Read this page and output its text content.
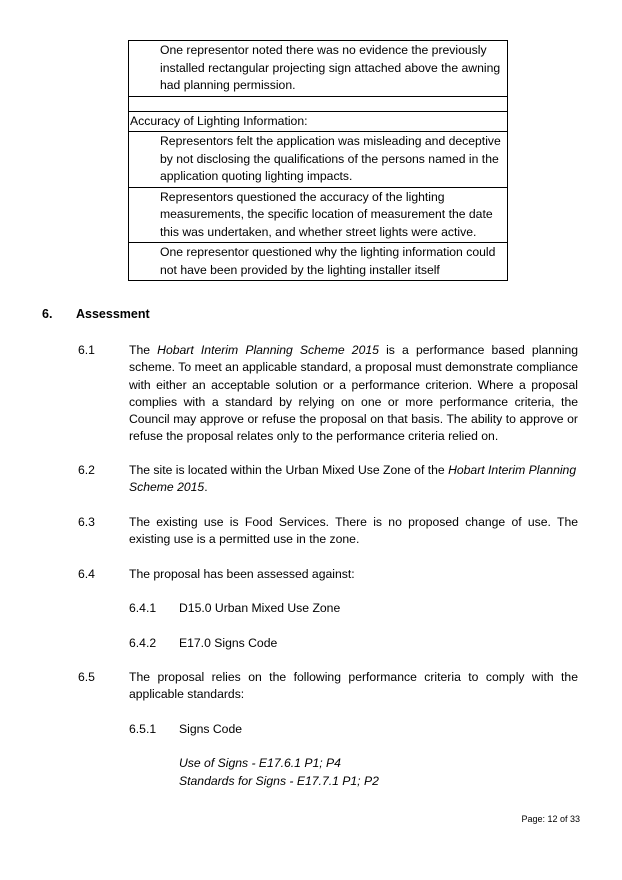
One representor noted there was no evidence the previously installed rectangular projecting sign attached above the awning had planning permission.

Accuracy of Lighting Information:
Representors felt the application was misleading and deceptive by not disclosing the qualifications of the persons named in the application quoting lighting impacts.
Representors questioned the accuracy of the lighting measurements, the specific location of measurement the date this was undertaken, and whether street lights were active.
One representor questioned why the lighting information could not have been provided by the lighting installer itself
6. Assessment
6.1	The Hobart Interim Planning Scheme 2015 is a performance based planning scheme. To meet an applicable standard, a proposal must demonstrate compliance with either an acceptable solution or a performance criterion. Where a proposal complies with a standard by relying on one or more performance criteria, the Council may approve or refuse the proposal on that basis. The ability to approve or refuse the proposal relates only to the performance criteria relied on.
6.2	The site is located within the Urban Mixed Use Zone of the Hobart Interim Planning Scheme 2015.
6.3	The existing use is Food Services. There is no proposed change of use. The existing use is a permitted use in the zone.
6.4	The proposal has been assessed against:
6.4.1 D15.0 Urban Mixed Use Zone
6.4.2 E17.0 Signs Code
6.5	The proposal relies on the following performance criteria to comply with the applicable standards:
6.5.1 Signs Code
Use of Signs - E17.6.1 P1; P4
Standards for Signs - E17.7.1 P1; P2
Page: 12 of 33
